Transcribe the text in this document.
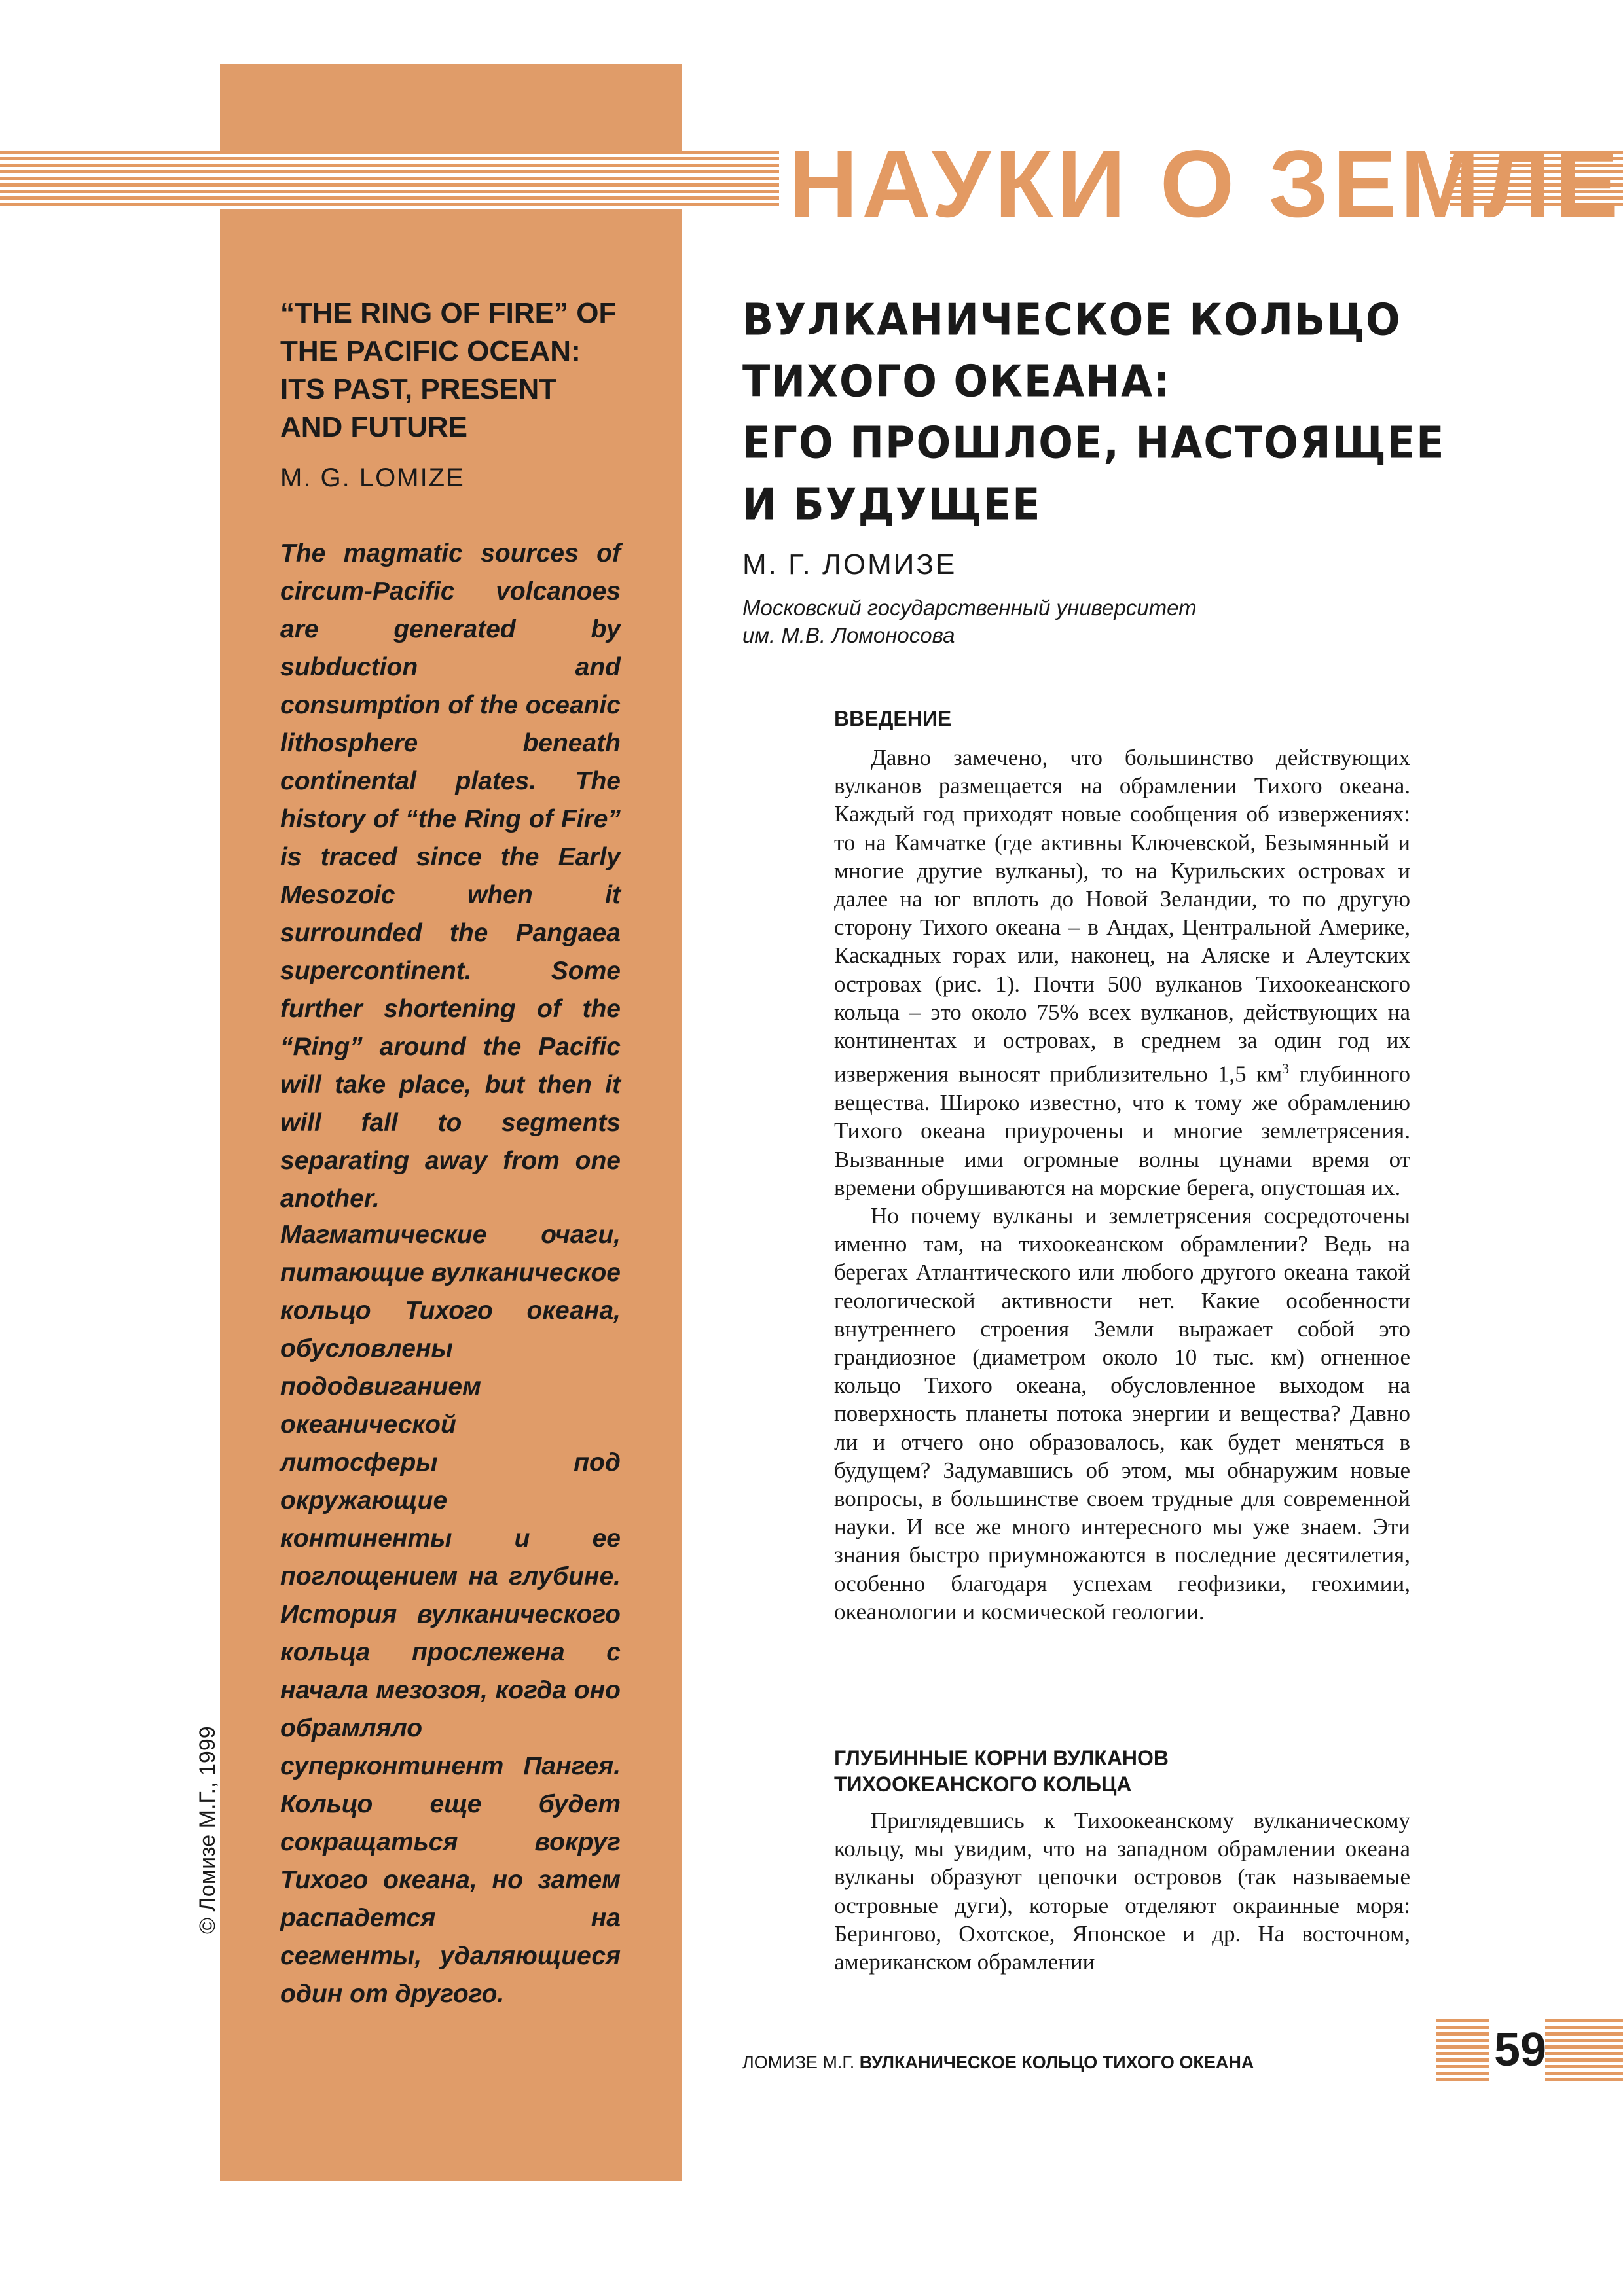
НАУКИ О ЗЕМЛЕ
“THE RING OF FIRE” OF THE PACIFIC OCEAN: ITS PAST, PRESENT AND FUTURE
M. G. LOMIZE
The magmatic sources of circum-Pacific volcanoes are generated by subduction and consumption of the oceanic lithosphere beneath continental plates. The history of “the Ring of Fire” is traced since the Early Mesozoic when it surrounded the Pangaea supercontinent. Some further shortening of the “Ring” around the Pacific will take place, but then it will fall to segments separating away from one another.
Магматические очаги, питающие вулканическое кольцо Тихого океана, обусловлены пододвиганием океанической литосферы под окружающие континенты и ее поглощением на глубине. История вулканического кольца прослежена с начала мезозоя, когда оно обрамляло суперконтинент Пангея. Кольцо еще будет сокращаться вокруг Тихого океана, но затем распадется на сегменты, удаляющиеся один от другого.
© Ломизе М.Г., 1999
ВУЛКАНИЧЕСКОЕ КОЛЬЦО
ТИХОГО ОКЕАНА:
ЕГО ПРОШЛОЕ, НАСТОЯЩЕЕ
И БУДУЩЕЕ
М. Г. ЛОМИЗЕ
Московский государственный университет
им. М.В. Ломоносова
ВВЕДЕНИЕ

Давно замечено, что большинство действующих вулканов размещается на обрамлении Тихого океана. Каждый год приходят новые сообщения об извержениях: то на Камчатке (где активны Ключевской, Безымянный и многие другие вулканы), то на Курильских островах и далее на юг вплоть до Новой Зеландии, то по другую сторону Тихого океана – в Андах, Центральной Америке, Каскадных горах или, наконец, на Аляске и Алеутских островах (рис. 1). Почти 500 вулканов Тихоокеанского кольца – это около 75% всех вулканов, действующих на континентах и островах, в среднем за один год их извержения выносят приблизительно 1,5 $км^3$ глубинного вещества. Широко известно, что к тому же обрамлению Тихого океана приурочены и многие землетрясения. Вызванные ими огромные волны цунами время от времени обрушиваются на морские берега, опустошая их.

Но почему вулканы и землетрясения сосредоточены именно там, на тихоокеанском обрамлении? Ведь на берегах Атлантического или любого другого океана такой геологической активности нет. Какие особенности внутреннего строения Земли выражает собой это грандиозное (диаметром около 10 тыс. км) огненное кольцо Тихого океана, обусловленное выходом на поверхность планеты потока энергии и вещества? Давно ли и отчего оно образовалось, как будет меняться в будущем? Задумавшись об этом, мы обнаружим новые вопросы, в большинстве своем трудные для современной науки. И все же много интересного мы уже знаем. Эти знания быстро приумножаются в последние десятилетия, особенно благодаря успехам геофизики, геохимии, океанологии и космической геологии.

ГЛУБИННЫЕ КОРНИ ВУЛКАНОВ
ТИХООКЕАНСКОГО КОЛЬЦА

Приглядевшись к Тихоокеанскому вулканическому кольцу, мы увидим, что на западном обрамлении океана вулканы образуют цепочки островов (так называемые островные дуги), которые отделяют окраинные моря: Берингово, Охотское, Японское и др. На восточном, американском обрамлении

ЛОМИЗЕ М.Г. ВУЛКАНИЧЕСКОЕ КОЛЬЦО ТИХОГО ОКЕАНА	59
